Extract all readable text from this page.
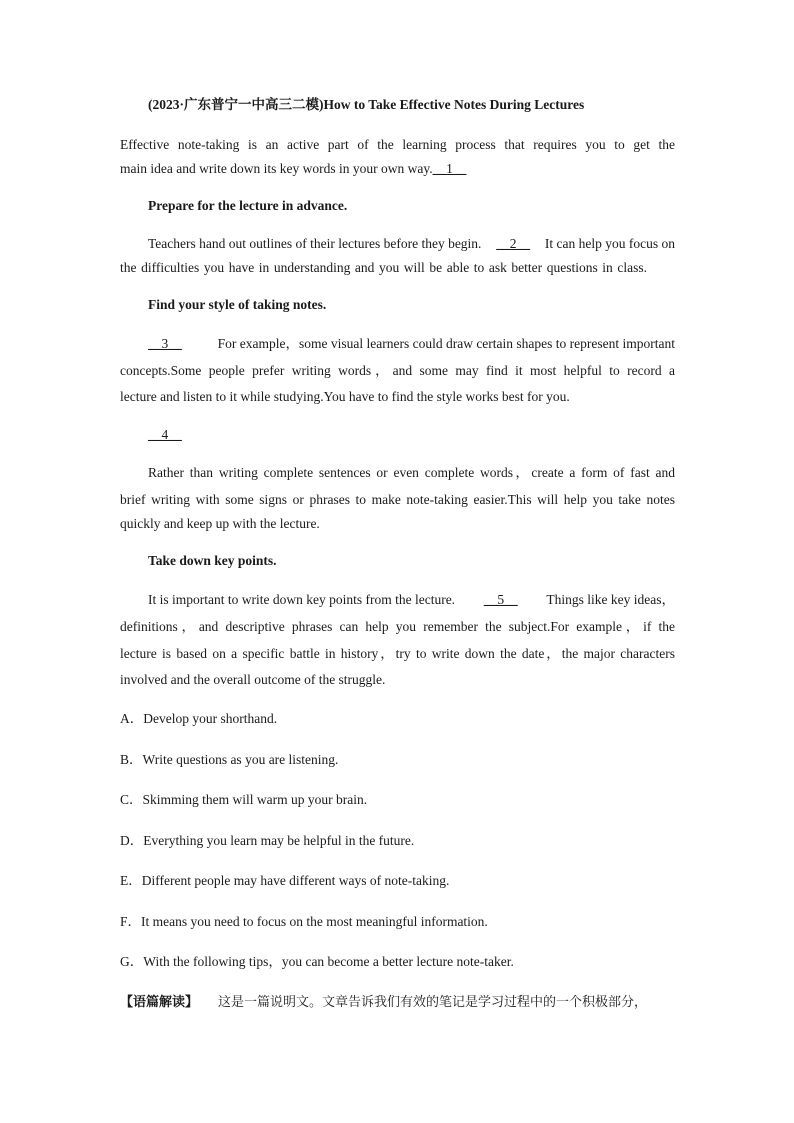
(2023·广东普宁一中高三二模)How to Take Effective Notes During Lectures
Effective note-taking is an active part of the learning process that requires you to get the
main idea and write down its key words in your own way.__1__
Prepare for the lecture in advance.
Teachers hand out outlines of their lectures before they begin. __2__ It can help you focus on
the difficulties you have in understanding and you will be able to ask better questions in class.
Find your style of taking notes.
__3__	For example，some visual learners could draw certain shapes to represent important
concepts.Some people prefer writing words，and some may find it most helpful to record a
lecture and listen to it while studying.You have to find the style works best for you.
__4__
Rather than writing complete sentences or even complete words，create a form of fast and
brief writing with some signs or phrases to make note-taking easier.This will help you take notes
quickly and keep up with the lecture.
Take down key points.
It is important to write down key points from the lecture. __5__ Things like key ideas，
definitions，and descriptive phrases can help you remember the subject.For example，if the
lecture is based on a specific battle in history，try to write down the date，the major characters
involved and the overall outcome of the struggle.
A．Develop your shorthand.
B．Write questions as you are listening.
C．Skimming them will warm up your brain.
D．Everything you learn may be helpful in the future.
E．Different people may have different ways of note-taking.
F．It means you need to focus on the most meaningful information.
G．With the following tips，you can become a better lecture note-taker.
【语篇解读】 这是一篇说明文。文章告诉我们有效的笔记是学习过程中的一个积极部分，
